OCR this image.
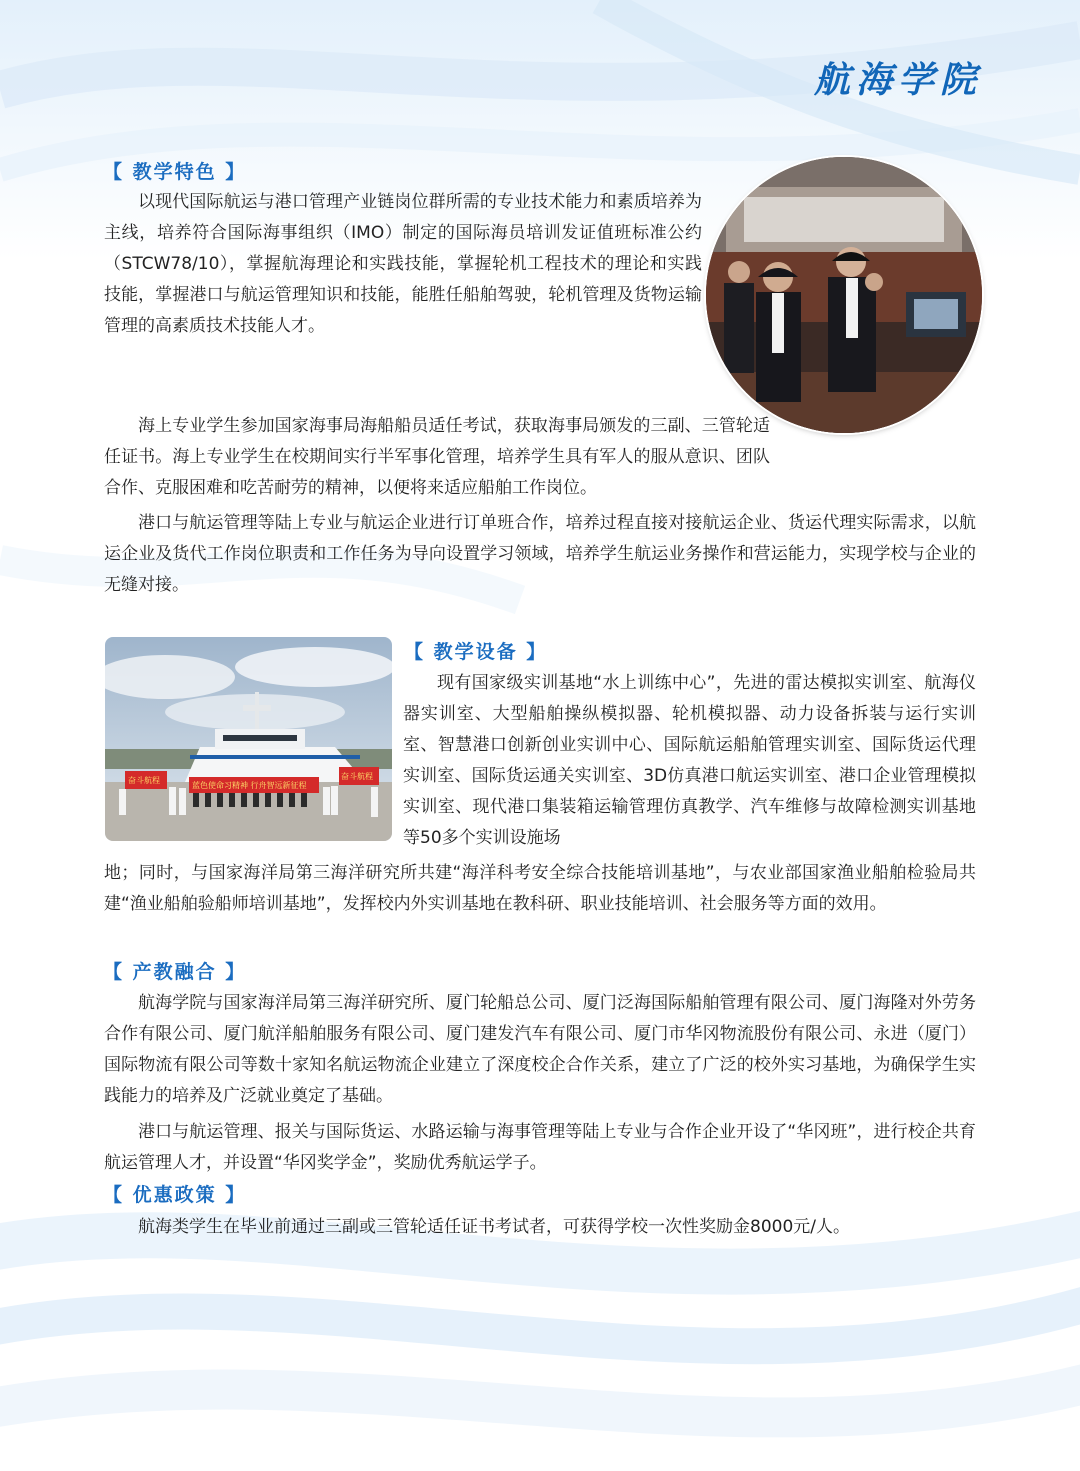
航海学院
【 教学特色 】

以现代国际航运与港口管理产业链岗位群所需的专业技术能力和素质培养为主线，培养符合国际海事组织（IMO）制定的国际海员培训发证值班标准公约（STCW78/10），掌握航海理论和实践技能，掌握轮机工程技术的理论和实践技能，掌握港口与航运管理知识和技能，能胜任船舶驾驶，轮机管理及货物运输管理的高素质技术技能人才。

海上专业学生参加国家海事局海船船员适任考试，获取海事局颁发的三副、三管轮适任证书。海上专业学生在校期间实行半军事化管理，培养学生具有军人的服从意识、团队合作、克服困难和吃苦耐劳的精神，以便将来适应船舶工作岗位。

港口与航运管理等陆上专业与航运企业进行订单班合作，培养过程直接对接航运企业、货运代理实际需求，以航运企业及货代工作岗位职责和工作任务为导向设置学习领域，培养学生航运业务操作和营运能力，实现学校与企业的无缝对接。

【 教学设备 】

现有国家级实训基地“水上训练中心”，先进的雷达模拟实训室、航海仪器实训室、大型船舶操纵模拟器、轮机模拟器、动力设备拆装与运行实训室、智慧港口创新创业实训中心、国际航运船舶管理实训室、国际货运代理实训室、国际货运通关实训室、3D仿真港口航运实训室、港口企业管理模拟实训室、现代港口集装箱运输管理仿真教学、汽车维修与故障检测实训基地等50多个实训设施场

地；同时，与国家海洋局第三海洋研究所共建“海洋科考安全综合技能培训基地”，与农业部国家渔业船舶检验局共建“渔业船舶验船师培训基地”，发挥校内外实训基地在教科研、职业技能培训、社会服务等方面的效用。

奋斗航程
蓝色使命习精神 行舟智远新征程
奋斗航程
【 产教融合 】

航海学院与国家海洋局第三海洋研究所、厦门轮船总公司、厦门泛海国际船舶管理有限公司、厦门海隆对外劳务合作有限公司、厦门航洋船舶服务有限公司、厦门建发汽车有限公司、厦门市华冈物流股份有限公司、永进（厦门）国际物流有限公司等数十家知名航运物流企业建立了深度校企合作关系，建立了广泛的校外实习基地，为确保学生实践能力的培养及广泛就业奠定了基础。

港口与航运管理、报关与国际货运、水路运输与海事管理等陆上专业与合作企业开设了“华冈班”，进行校企共育航运管理人才，并设置“华冈奖学金”，奖励优秀航运学子。

【 优惠政策 】

航海类学生在毕业前通过三副或三管轮适任证书考试者，可获得学校一次性奖励金8000元/人。
